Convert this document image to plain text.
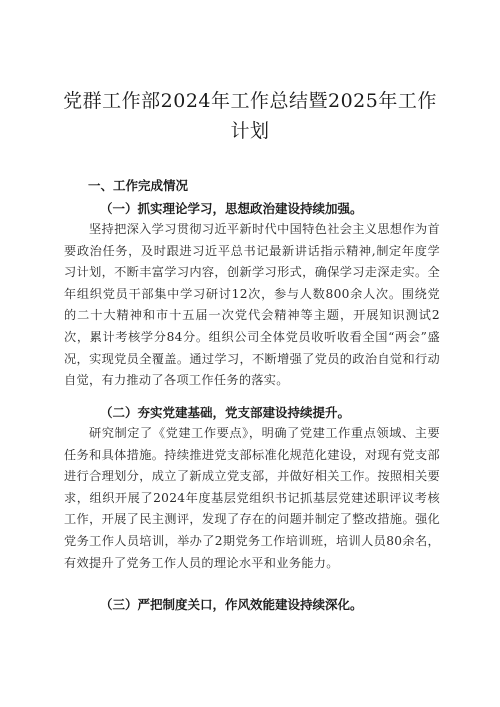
党群工作部2024年工作总结暨2025年工作计划
一、工作完成情况
（一）抓实理论学习，思想政治建设持续加强。
坚持把深入学习贯彻习近平新时代中国特色社会主义思想作为首要政治任务，及时跟进习近平总书记最新讲话指示精神,制定年度学习计划，不断丰富学习内容，创新学习形式，确保学习走深走实。全年组织党员干部集中学习研讨12次，参与人数800余人次。围绕党的二十大精神和市十五届一次党代会精神等主题，开展知识测试2次，累计考核学分84分。组织公司全体党员收听收看全国“两会”盛况，实现党员全覆盖。通过学习，不断增强了党员的政治自觉和行动自觉，有力推动了各项工作任务的落实。
（二）夯实党建基础，党支部建设持续提升。
研究制定了《党建工作要点》，明确了党建工作重点领域、主要任务和具体措施。持续推进党支部标准化规范化建设，对现有党支部进行合理划分，成立了新成立党支部，并做好相关工作。按照相关要求，组织开展了2024年度基层党组织书记抓基层党建述职评议考核工作，开展了民主测评，发现了存在的问题并制定了整改措施。强化党务工作人员培训，举办了2期党务工作培训班，培训人员80余名，有效提升了党务工作人员的理论水平和业务能力。
（三）严把制度关口，作风效能建设持续深化。
